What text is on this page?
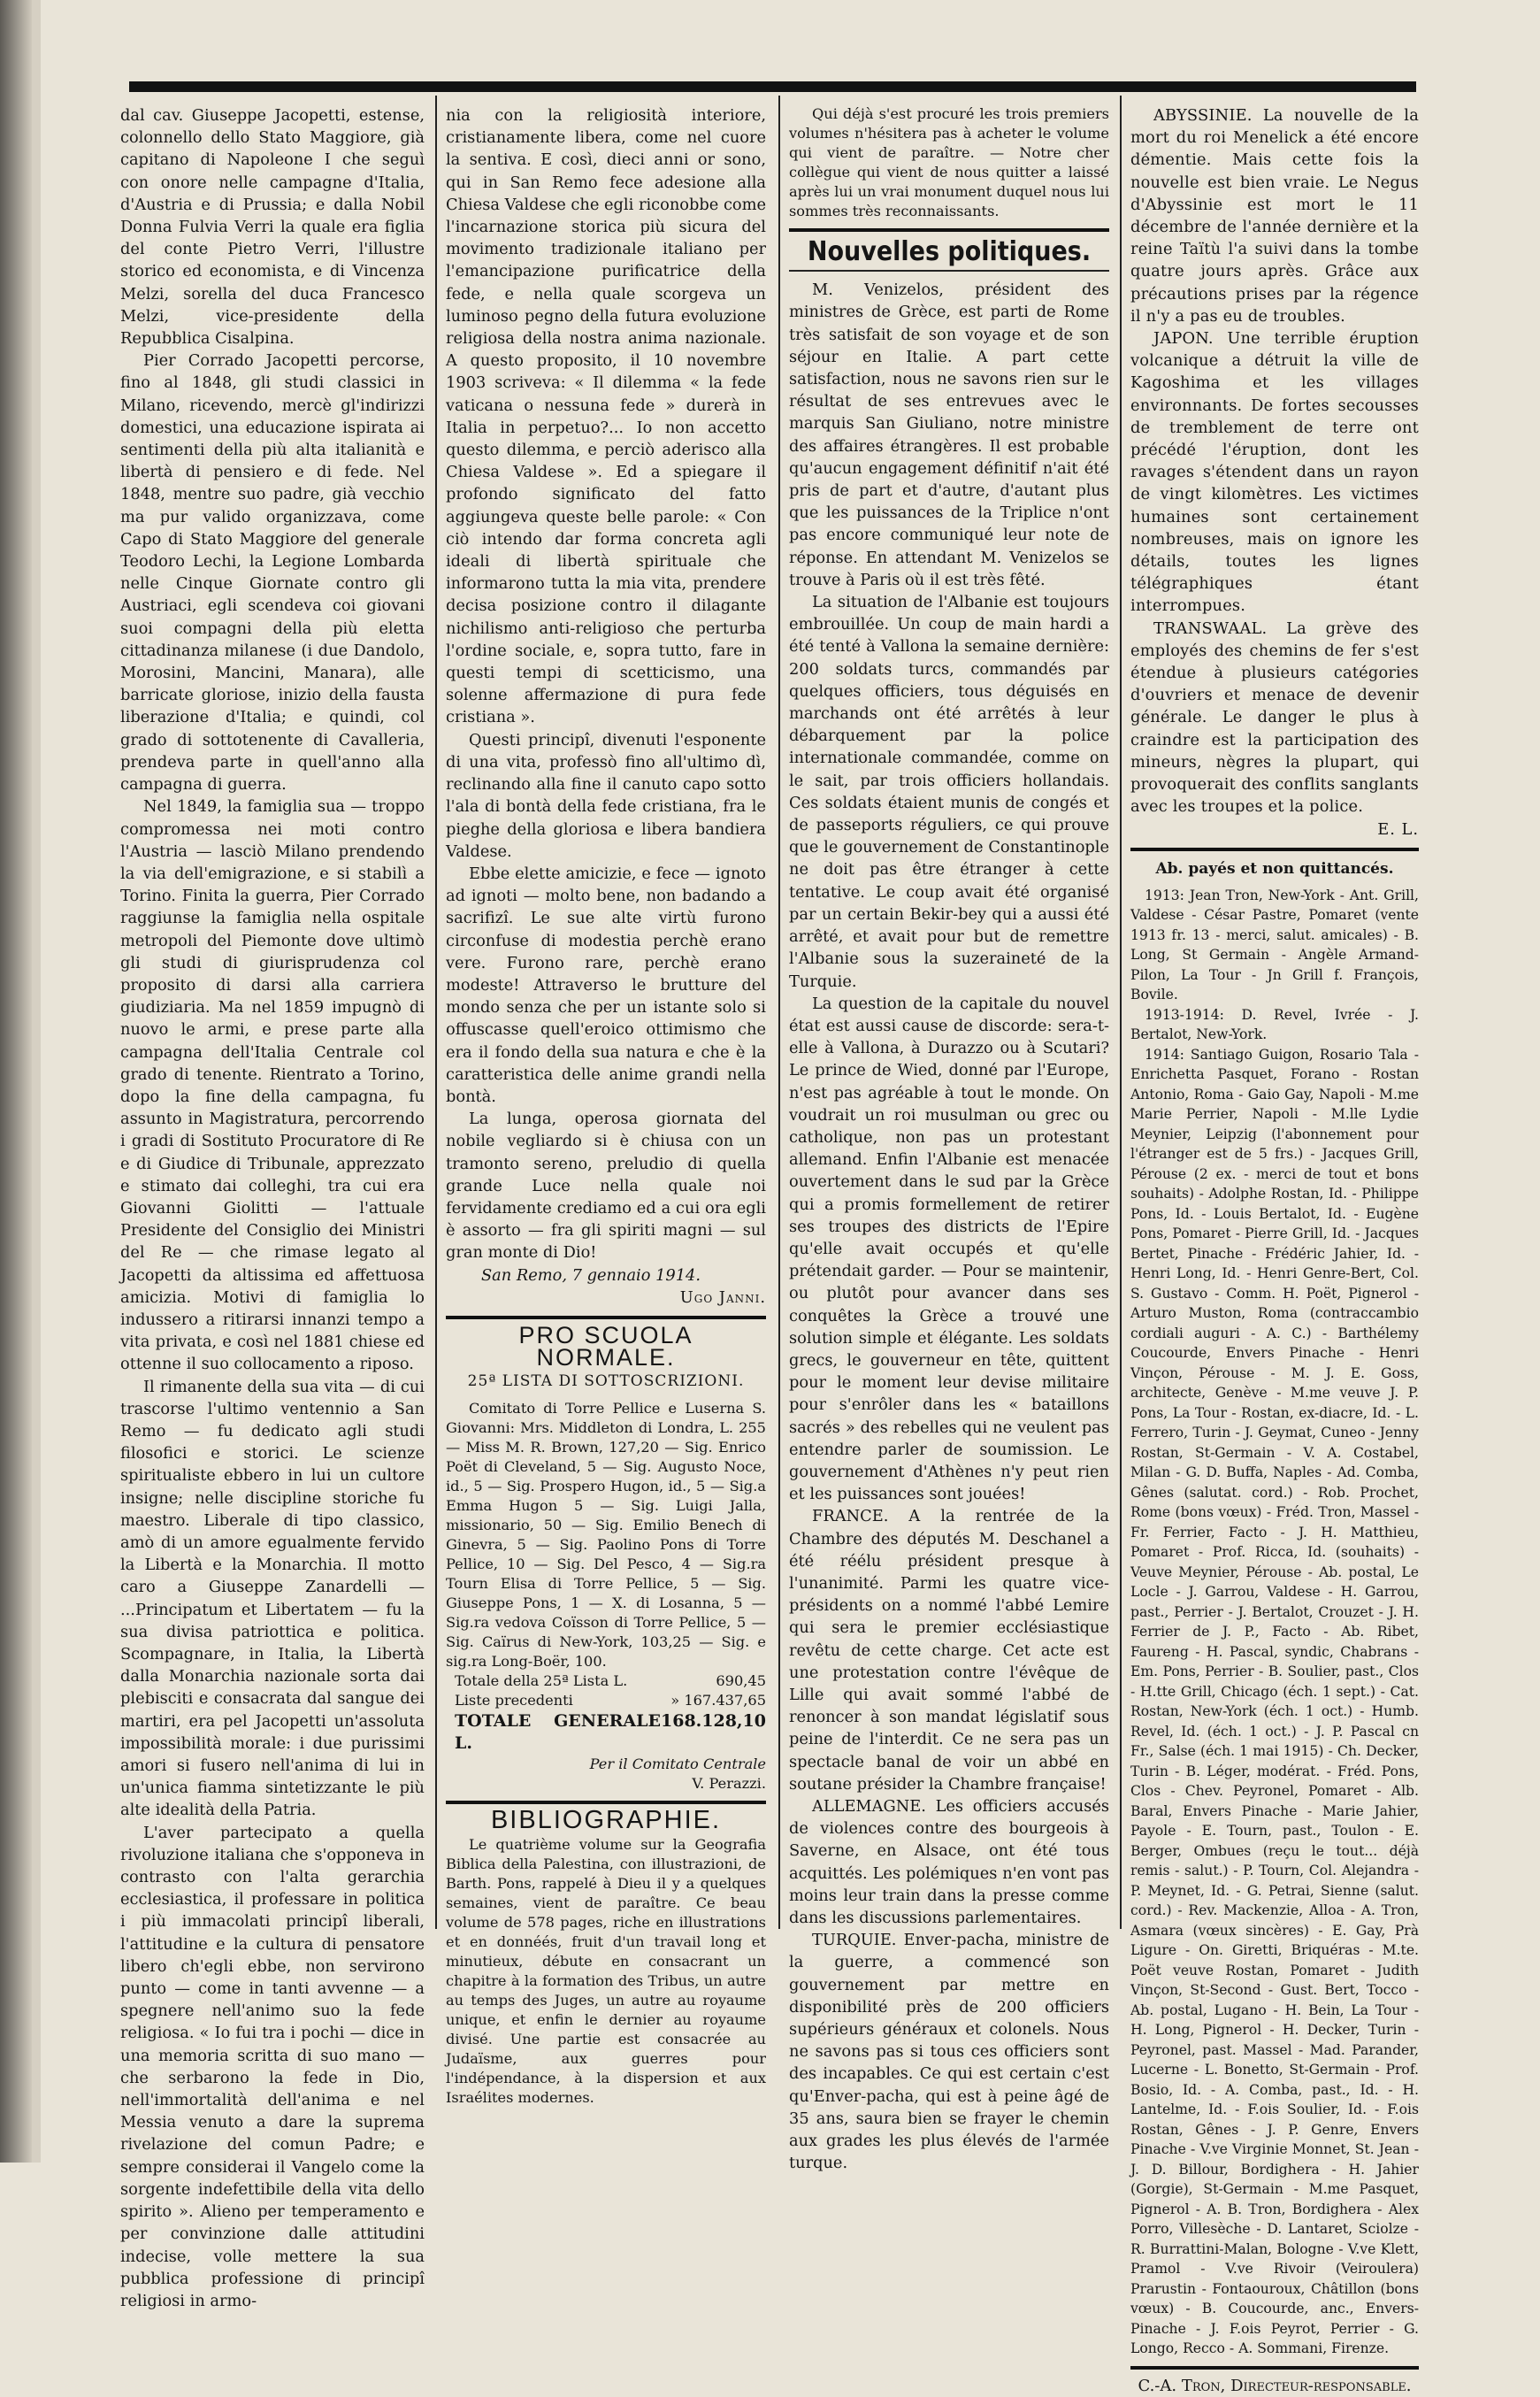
dal cav. Giuseppe Jacopetti, estense, colonnello dello Stato Maggiore, già capitano di Napoleone I che seguì con onore nelle campagne d'Italia, d'Austria e di Prussia; e dalla Nobil Donna Fulvia Verri la quale era figlia del conte Pietro Verri, l'illustre storico ed economista, e di Vincenza Melzi, sorella del duca Francesco Melzi, vice-presidente della Repubblica Cisalpina.

Pier Corrado Jacopetti percorse, fino al 1848, gli studi classici in Milano, ricevendo, mercè gl'indirizzi domestici, una educazione ispirata ai sentimenti della più alta italianità e libertà di pensiero e di fede. Nel 1848, mentre suo padre, già vecchio ma pur valido organizzava, come Capo di Stato Maggiore del generale Teodoro Lechi, la Legione Lombarda nelle Cinque Giornate contro gli Austriaci, egli scendeva coi giovani suoi compagni della più eletta cittadinanza milanese (i due Dandolo, Morosini, Mancini, Manara), alle barricate gloriose, inizio della fausta liberazione d'Italia; e quindi, col grado di sottotenente di Cavalleria, prendeva parte in quell'anno alla campagna di guerra.

Nel 1849, la famiglia sua — troppo compromessa nei moti contro l'Austria — lasciò Milano prendendo la via dell'emigrazione, e si stabilì a Torino. Finita la guerra, Pier Corrado raggiunse la famiglia nella ospitale metropoli del Piemonte dove ultimò gli studi di giurisprudenza col proposito di darsi alla carriera giudiziaria. Ma nel 1859 impugnò di nuovo le armi, e prese parte alla campagna dell'Italia Centrale col grado di tenente. Rientrato a Torino, dopo la fine della campagna, fu assunto in Magistratura, percorrendo i gradi di Sostituto Procuratore di Re e di Giudice di Tribunale, apprezzato e stimato dai colleghi, tra cui era Giovanni Giolitti — l'attuale Presidente del Consiglio dei Ministri del Re — che rimase legato al Jacopetti da altissima ed affettuosa amicizia. Motivi di famiglia lo indussero a ritirarsi innanzi tempo a vita privata, e così nel 1881 chiese ed ottenne il suo collocamento a riposo.

Il rimanente della sua vita — di cui trascorse l'ultimo ventennio a San Remo — fu dedicato agli studi filosofici e storici. Le scienze spiritualiste ebbero in lui un cultore insigne; nelle discipline storiche fu maestro. Liberale di tipo classico, amò di un amore egualmente fervido la Libertà e la Monarchia. Il motto caro a Giuseppe Zanardelli — ...Principatum et Libertatem — fu la sua divisa patriottica e politica. Scompagnare, in Italia, la Libertà dalla Monarchia nazionale sorta dai plebisciti e consacrata dal sangue dei martiri, era pel Jacopetti un'assoluta impossibilità morale: i due purissimi amori si fusero nell'anima di lui in un'unica fiamma sintetizzante le più alte idealità della Patria.

L'aver partecipato a quella rivoluzione italiana che s'opponeva in contrasto con l'alta gerarchia ecclesiastica, il professare in politica i più immacolati principî liberali, l'attitudine e la cultura di pensatore libero ch'egli ebbe, non servirono punto — come in tanti avvenne — a spegnere nell'animo suo la fede religiosa. « Io fui tra i pochi — dice in una memoria scritta di suo mano — che serbarono la fede in Dio, nell'immortalità dell'anima e nel Messia venuto a dare la suprema rivelazione del comun Padre; e sempre considerai il Vangelo come la sorgente indefettibile della vita dello spirito ». Alieno per temperamento e per convinzione dalle attitudini indecise, volle mettere la sua pubblica professione di principî religiosi in armo-

nia con la religiosità interiore, cristianamente libera, come nel cuore la sentiva. E così, dieci anni or sono, qui in San Remo fece adesione alla Chiesa Valdese che egli riconobbe come l'incarnazione storica più sicura del movimento tradizionale italiano per l'emancipazione purificatrice della fede, e nella quale scorgeva un luminoso pegno della futura evoluzione religiosa della nostra anima nazionale. A questo proposito, il 10 novembre 1903 scriveva: « Il dilemma « la fede vaticana o nessuna fede » durerà in Italia in perpetuo?... Io non accetto questo dilemma, e perciò aderisco alla Chiesa Valdese ». Ed a spiegare il profondo significato del fatto aggiungeva queste belle parole: « Con ciò intendo dar forma concreta agli ideali di libertà spirituale che informarono tutta la mia vita, prendere decisa posizione contro il dilagante nichilismo anti-religioso che perturba l'ordine sociale, e, sopra tutto, fare in questi tempi di scetticismo, una solenne affermazione di pura fede cristiana ».

Questi principî, divenuti l'esponente di una vita, professò fino all'ultimo dì, reclinando alla fine il canuto capo sotto l'ala di bontà della fede cristiana, fra le pieghe della gloriosa e libera bandiera Valdese.

Ebbe elette amicizie, e fece — ignoto ad ignoti — molto bene, non badando a sacrifizî. Le sue alte virtù furono circonfuse di modestia perchè erano vere. Furono rare, perchè erano modeste! Attraverso le brutture del mondo senza che per un istante solo si offuscasse quell'eroico ottimismo che era il fondo della sua natura e che è la caratteristica delle anime grandi nella bontà.

La lunga, operosa giornata del nobile vegliardo si è chiusa con un tramonto sereno, preludio di quella grande Luce nella quale noi fervidamente crediamo ed a cui ora egli è assorto — fra gli spiriti magni — sul gran monte di Dio!

San Remo, 7 gennaio 1914.

Ugo Janni.

PRO SCUOLA NORMALE.
25ª LISTA DI SOTTOSCRIZIONI.

Comitato di Torre Pellice e Luserna S. Giovanni: Mrs. Middleton di Londra, L. 255 — Miss M. R. Brown, 127,20 — Sig. Enrico Poët di Cleveland, 5 — Sig. Augusto Noce, id., 5 — Sig. Prospero Hugon, id., 5 — Sig.a Emma Hugon 5 — Sig. Luigi Jalla, missionario, 50 — Sig. Emilio Benech di Ginevra, 5 — Sig. Paolino Pons di Torre Pellice, 10 — Sig. Del Pesco, 4 — Sig.ra Tourn Elisa di Torre Pellice, 5 — Sig. Giuseppe Pons, 1 — X. di Losanna, 5 — Sig.ra vedova Coïsson di Torre Pellice, 5 — Sig. Caïrus di New-York, 103,25 — Sig. e sig.ra Long-Boër, 100.

Totale della 25ª Lista L.	690,45
Liste precedenti	» 167.437,65
TOTALE GENERALE L.
168.128,10
Per il Comitato Centrale
V. Perazzi.
BIBLIOGRAPHIE.

Le quatrième volume sur la Geografia Biblica della Palestina, con illustrazioni, de Barth. Pons, rappelé à Dieu il y a quelques semaines, vient de paraître. Ce beau volume de 578 pages, riche en illustrations et en donnéés, fruit d'un travail long et minutieux, débute en consacrant un chapitre à la formation des Tribus, un autre au temps des Juges, un autre au royaume unique, et enfin le dernier au royaume divisé. Une partie est consacrée au Judaïsme, aux guerres pour l'indépendance, à la dispersion et aux Israélites modernes.

Qui déjà s'est procuré les trois premiers volumes n'hésitera pas à acheter le volume qui vient de paraître. — Notre cher collègue qui vient de nous quitter a laissé après lui un vrai monument duquel nous lui sommes très reconnaissants.

Nouvelles politiques.

M. Venizelos, président des ministres de Grèce, est parti de Rome très satisfait de son voyage et de son séjour en Italie. A part cette satisfaction, nous ne savons rien sur le résultat de ses entrevues avec le marquis San Giuliano, notre ministre des affaires étrangères. Il est probable qu'aucun engagement définitif n'ait été pris de part et d'autre, d'autant plus que les puissances de la Triplice n'ont pas encore communiqué leur note de réponse. En attendant M. Venizelos se trouve à Paris où il est très fêté.

La situation de l'Albanie est toujours embrouillée. Un coup de main hardi a été tenté à Vallona la semaine dernière: 200 soldats turcs, commandés par quelques officiers, tous déguisés en marchands ont été arrêtés à leur débarquement par la police internationale commandée, comme on le sait, par trois officiers hollandais. Ces soldats étaient munis de congés et de passeports réguliers, ce qui prouve que le gouvernement de Constantinople ne doit pas être étranger à cette tentative. Le coup avait été organisé par un certain Bekir-bey qui a aussi été arrêté, et avait pour but de remettre l'Albanie sous la suzeraineté de la Turquie.

La question de la capitale du nouvel état est aussi cause de discorde: sera-t-elle à Vallona, à Durazzo ou à Scutari? Le prince de Wied, donné par l'Europe, n'est pas agréable à tout le monde. On voudrait un roi musulman ou grec ou catholique, non pas un protestant allemand. Enfin l'Albanie est menacée ouvertement dans le sud par la Grèce qui a promis formellement de retirer ses troupes des districts de l'Epire qu'elle avait occupés et qu'elle prétendait garder. — Pour se maintenir, ou plutôt pour avancer dans ses conquêtes la Grèce a trouvé une solution simple et élégante. Les soldats grecs, le gouverneur en tête, quittent pour le moment leur devise militaire pour s'enrôler dans les « bataillons sacrés » des rebelles qui ne veulent pas entendre parler de soumission. Le gouvernement d'Athènes n'y peut rien et les puissances sont jouées!

FRANCE. A la rentrée de la Chambre des députés M. Deschanel a été réélu président presque à l'unanimité. Parmi les quatre vice-présidents on a nommé l'abbé Lemire qui sera le premier ecclésiastique revêtu de cette charge. Cet acte est une protestation contre l'évêque de Lille qui avait sommé l'abbé de renoncer à son mandat législatif sous peine de l'interdit. Ce ne sera pas un spectacle banal de voir un abbé en soutane présider la Chambre française!

ALLEMAGNE. Les officiers accusés de violences contre des bourgeois à Saverne, en Alsace, ont été tous acquittés. Les polémiques n'en vont pas moins leur train dans la presse comme dans les discussions parlementaires.

TURQUIE. Enver-pacha, ministre de la guerre, a commencé son gouvernement par mettre en disponibilité près de 200 officiers supérieurs généraux et colonels. Nous ne savons pas si tous ces officiers sont des incapables. Ce qui est certain c'est qu'Enver-pacha, qui est à peine âgé de 35 ans, saura bien se frayer le chemin aux grades les plus élevés de l'armée turque.

ABYSSINIE. La nouvelle de la mort du roi Menelick a été encore démentie. Mais cette fois la nouvelle est bien vraie. Le Negus d'Abyssinie est mort le 11 décembre de l'année dernière et la reine Taïtù l'a suivi dans la tombe quatre jours après. Grâce aux précautions prises par la régence il n'y a pas eu de troubles.

JAPON. Une terrible éruption volcanique a détruit la ville de Kagoshima et les villages environnants. De fortes secousses de tremblement de terre ont précédé l'éruption, dont les ravages s'étendent dans un rayon de vingt kilomètres. Les victimes humaines sont certainement nombreuses, mais on ignore les détails, toutes les lignes télégraphiques étant interrompues.

TRANSWAAL. La grève des employés des chemins de fer s'est étendue à plusieurs catégories d'ouvriers et menace de devenir générale. Le danger le plus à craindre est la participation des mineurs, nègres la plupart, qui provoquerait des conflits sanglants avec les troupes et la police.

E. L.

Ab. payés et non quittancés.

1913: Jean Tron, New-York - Ant. Grill, Valdese - César Pastre, Pomaret (vente 1913 fr. 13 - merci, salut. amicales) - B. Long, St Germain - Angèle Armand-Pilon, La Tour - Jn Grill f. François, Bovile.

1913-1914: D. Revel, Ivrée - J. Bertalot, New-York.

1914: Santiago Guigon, Rosario Tala - Enrichetta Pasquet, Forano - Rostan Antonio, Roma - Gaio Gay, Napoli - M.me Marie Perrier, Napoli - M.lle Lydie Meynier, Leipzig (l'abonnement pour l'étranger est de 5 frs.) - Jacques Grill, Pérouse (2 ex. - merci de tout et bons souhaits) - Adolphe Rostan, Id. - Philippe Pons, Id. - Louis Bertalot, Id. - Eugène Pons, Pomaret - Pierre Grill, Id. - Jacques Bertet, Pinache - Frédéric Jahier, Id. - Henri Long, Id. - Henri Genre-Bert, Col. S. Gustavo - Comm. H. Poët, Pignerol - Arturo Muston, Roma (contraccambio cordiali auguri - A. C.) - Barthélemy Coucourde, Envers Pinache - Henri Vinçon, Pérouse - M. J. E. Goss, architecte, Genève - M.me veuve J. P. Pons, La Tour - Rostan, ex-diacre, Id. - L. Ferrero, Turin - J. Geymat, Cuneo - Jenny Rostan, St-Germain - V. A. Costabel, Milan - G. D. Buffa, Naples - Ad. Comba, Gênes (salutat. cord.) - Rob. Prochet, Rome (bons vœux) - Fréd. Tron, Massel - Fr. Ferrier, Facto - J. H. Matthieu, Pomaret - Prof. Ricca, Id. (souhaits) - Veuve Meynier, Pérouse - Ab. postal, Le Locle - J. Garrou, Valdese - H. Garrou, past., Perrier - J. Bertalot, Crouzet - J. H. Ferrier de J. P., Facto - Ab. Ribet, Faureng - H. Pascal, syndic, Chabrans - Em. Pons, Perrier - B. Soulier, past., Clos - H.tte Grill, Chicago (éch. 1 sept.) - Cat. Rostan, New-York (éch. 1 oct.) - Humb. Revel, Id. (éch. 1 oct.) - J. P. Pascal cn Fr., Salse (éch. 1 mai 1915) - Ch. Decker, Turin - B. Léger, modérat. - Fréd. Pons, Clos - Chev. Peyronel, Pomaret - Alb. Baral, Envers Pinache - Marie Jahier, Payole - E. Tourn, past., Toulon - E. Berger, Ombues (reçu le tout... déjà remis - salut.) - P. Tourn, Col. Alejandra - P. Meynet, Id. - G. Petrai, Sienne (salut. cord.) - Rev. Mackenzie, Alloa - A. Tron, Asmara (vœux sincères) - E. Gay, Prà Ligure - On. Giretti, Briquéras - M.te. Poët veuve Rostan, Pomaret - Judith Vinçon, St-Second - Gust. Bert, Tocco - Ab. postal, Lugano - H. Bein, La Tour - H. Long, Pignerol - H. Decker, Turin - Peyronel, past. Massel - Mad. Parander, Lucerne - L. Bonetto, St-Germain - Prof. Bosio, Id. - A. Comba, past., Id. - H. Lantelme, Id. - F.ois Soulier, Id. - F.ois Rostan, Gênes - J. P. Genre, Envers Pinache - V.ve Virginie Monnet, St. Jean - J. D. Billour, Bordighera - H. Jahier (Gorgie), St-Germain - M.me Pasquet, Pignerol - A. B. Tron, Bordighera - Alex Porro, Villesèche - D. Lantaret, Sciolze - R. Burrattini-Malan, Bologne - V.ve Klett, Pramol - V.ve Rivoir (Veiroulera) Prarustin - Fontaouroux, Châtillon (bons vœux) - B. Coucourde, anc., Envers-Pinache - J. F.ois Peyrot, Perrier - G. Longo, Recco - A. Sommani, Firenze.

C.-A. Tron, Directeur-responsable.
